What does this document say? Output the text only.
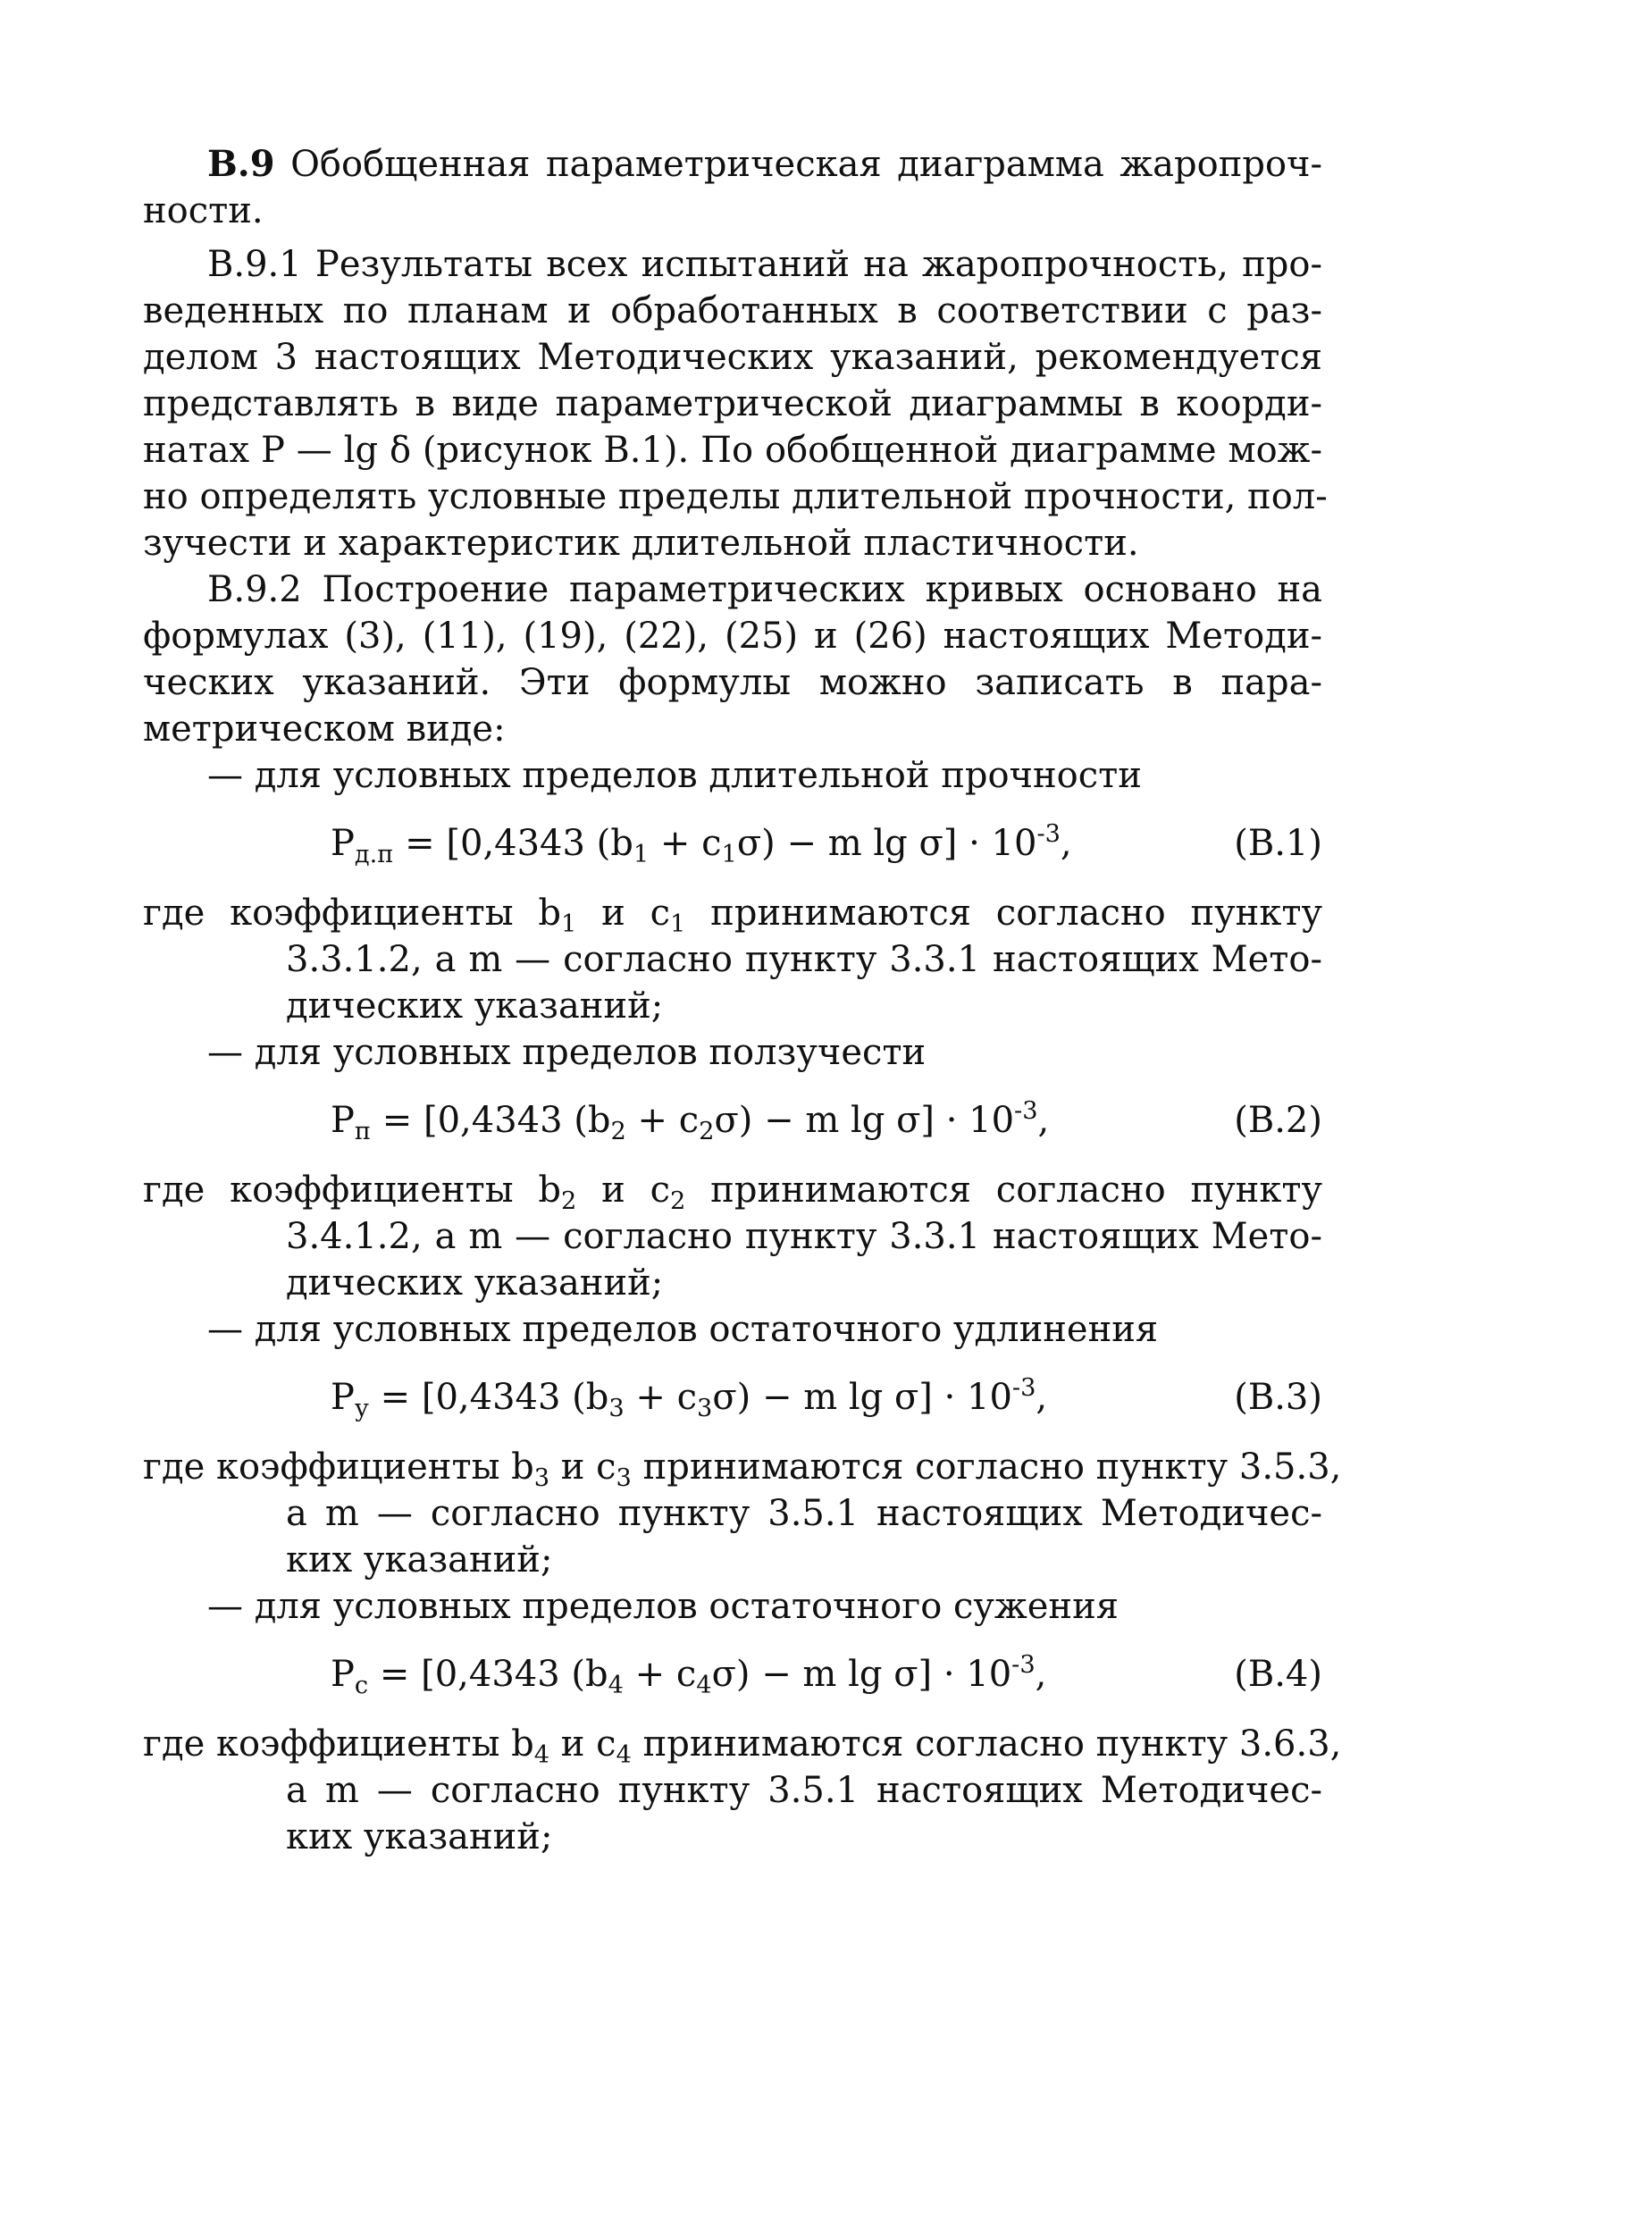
В.9 Обобщенная параметрическая диаграмма жаропроч-
ности.
В.9.1 Результаты всех испытаний на жаропрочность, про-
веденных по планам и обработанных в соответствии с раз-
делом 3 настоящих Методических указаний, рекомендуется
представлять в виде параметрической диаграммы в коорди-
натах Р — lg δ (рисунок В.1). По обобщенной диаграмме мож-
но определять условные пределы длительной прочности, пол-
зучести и характеристик длительной пластичности.
В.9.2 Построение параметрических кривых основано на
формулах (3), (11), (19), (22), (25) и (26) настоящих Методи-
ческих указаний. Эти формулы можно записать в пара-
метрическом виде:
— для условных пределов длительной прочности
$P_{д.п} = [0,4343$ $(b_1 + c_1\sigma) - m$ $\lg \sigma] \cdot 10^{-3}$,	(В.1)
где коэффициенты $b_1$ и $c_1$ принимаются согласно пункту
3.3.1.2, а m — согласно пункту 3.3.1 настоящих Мето-
дических указаний;
— для условных пределов ползучести
$P_п = [0,4343$ $(b_2 + c_2\sigma) - m$ $\lg \sigma] \cdot 10^{-3}$,	(В.2)
где коэффициенты $b_2$ и $c_2$ принимаются согласно пункту
3.4.1.2, а m — согласно пункту 3.3.1 настоящих Мето-
дических указаний;
— для условных пределов остаточного удлинения
$P_у = [0,4343$ $(b_3 + c_3\sigma) - m$ $\lg \sigma] \cdot 10^{-3}$,	(В.3)
где коэффициенты $b_3$ и $c_3$ принимаются согласно пункту 3.5.3,
а m — согласно пункту 3.5.1 настоящих Методичес-
ких указаний;
— для условных пределов остаточного сужения
$P_с = [0,4343$ $(b_4 + c_4\sigma) - m$ $\lg \sigma] \cdot 10^{-3}$,	(В.4)
где коэффициенты $b_4$ и $c_4$ принимаются согласно пункту 3.6.3,
а m — согласно пункту 3.5.1 настоящих Методичес-
ких указаний;
